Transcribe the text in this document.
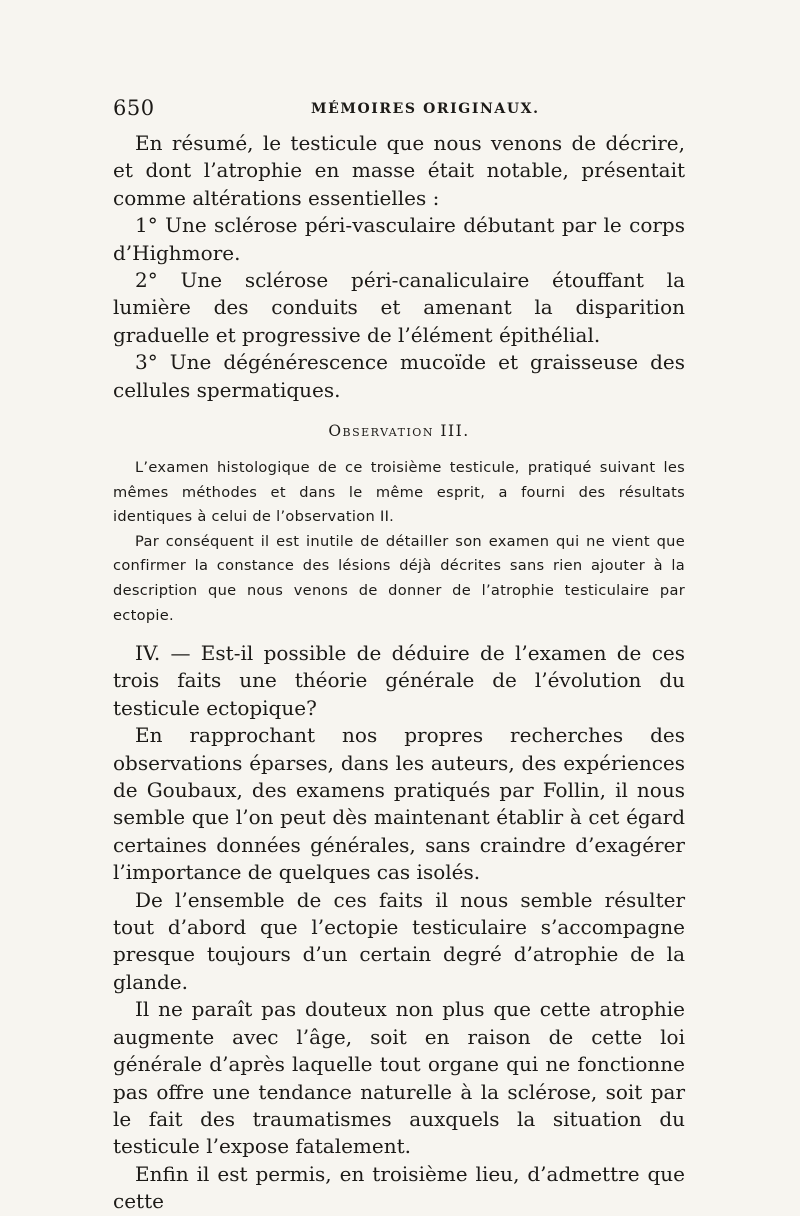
650	MÉMOIRES ORIGINAUX.

En résumé, le testicule que nous venons de décrire, et dont l’atrophie en masse était notable, présentait comme altérations essentielles :

1° Une sclérose péri-vasculaire débutant par le corps d’Highmore.

2° Une sclérose péri-canaliculaire étouffant la lumière des conduits et amenant la disparition graduelle et progressive de l’élément épithélial.

3° Une dégénérescence mucoïde et graisseuse des cellules spermatiques.

Observation III.

L’examen histologique de ce troisième testicule, pratiqué suivant les mêmes méthodes et dans le même esprit, a fourni des résultats identiques à celui de l’observation II.

Par conséquent il est inutile de détailler son examen qui ne vient que confirmer la constance des lésions déjà décrites sans rien ajouter à la description que nous venons de donner de l’atrophie testiculaire par ectopie.

IV. — Est-il possible de déduire de l’examen de ces trois faits une théorie générale de l’évolution du testicule ectopique?

En rapprochant nos propres recherches des observations éparses, dans les auteurs, des expériences de Goubaux, des examens pratiqués par Follin, il nous semble que l’on peut dès maintenant établir à cet égard certaines données générales, sans craindre d’exagérer l’importance de quelques cas isolés.

De l’ensemble de ces faits il nous semble résulter tout d’abord que l’ectopie testiculaire s’accompagne presque toujours d’un certain degré d’atrophie de la glande.

Il ne paraît pas douteux non plus que cette atrophie augmente avec l’âge, soit en raison de cette loi générale d’après laquelle tout organe qui ne fonctionne pas offre une tendance naturelle à la sclérose, soit par le fait des traumatismes auxquels la situation du testicule l’expose fatalement.

Enfin il est permis, en troisième lieu, d’admettre que cette
